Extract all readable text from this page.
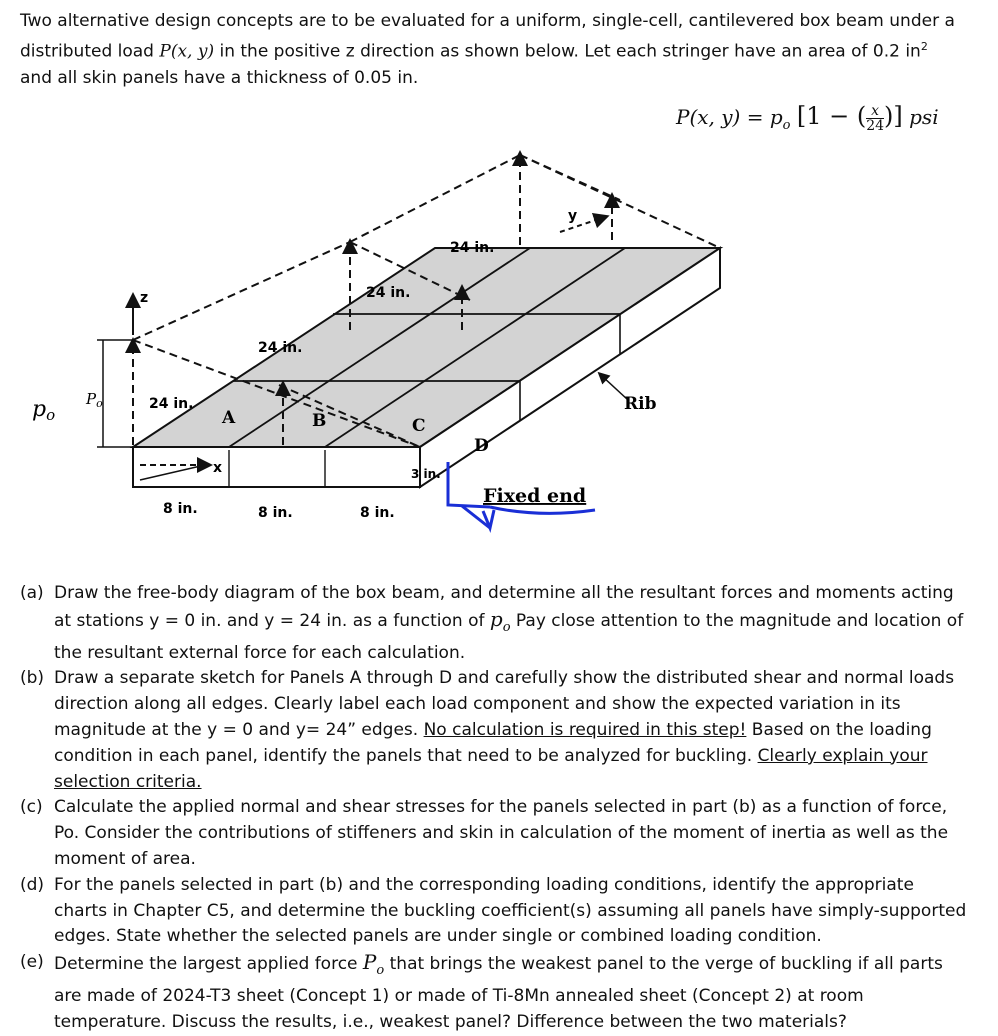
Two alternative design concepts are to be evaluated for a uniform, single-cell, cantilevered box beam under a
distributed load P(x, y) in the positive z direction as shown below. Let each stringer have an area of 0.2 $in^2$
and all skin panels have a thickness of 0.05 in.
P(x, $y) = p_o$ [1 − ( $\frac{x}{24}$ )] psi
z
x
y
24 in.
24 in.
24 in.
24 in.
8 in.	8 in.	8 in.
3 in.
A	B	C
D
Rib
Fixed end
po
$P_o$
(a) Draw the free-body diagram of the box beam, and determine all the resultant forces and moments acting
at stations y = 0 in. and y = 24 in. as a function of $p_o$ Pay close attention to the magnitude and location of
the resultant external force for each calculation.
(b) Draw a separate sketch for Panels A through D and carefully show the distributed shear and normal loads
direction along all edges. Clearly label each load component and show the expected variation in its
magnitude at the y = 0 and y= 24” edges. No calculation is required in this step! Based on the loading
condition in each panel, identify the panels that need to be analyzed for buckling. Clearly explain your
selection criteria.
(c) Calculate the applied normal and shear stresses for the panels selected in part (b) as a function of force,
Po. Consider the contributions of stiffeners and skin in calculation of the moment of inertia as well as the
moment of area.
(d) For the panels selected in part (b) and the corresponding loading conditions, identify the appropriate
charts in Chapter C5, and determine the buckling coefficient(s) assuming all panels have simply-supported
edges. State whether the selected panels are under single or combined loading condition.
(e) Determine the largest applied force $P_o$ that brings the weakest panel to the verge of buckling if all parts
are made of 2024-T3 sheet (Concept 1) or made of Ti-8Mn annealed sheet (Concept 2) at room
temperature. Discuss the results, i.e., weakest panel? Difference between the two materials?
